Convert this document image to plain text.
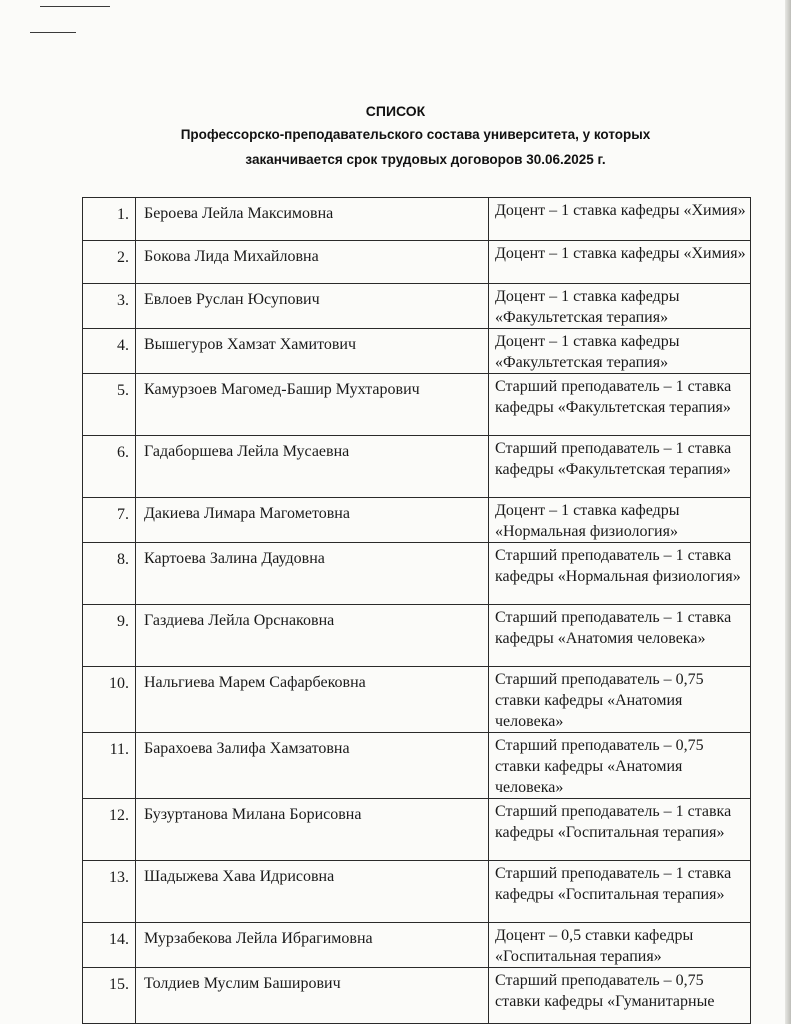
СПИСОК
Профессорско-преподавательского состава университета, у которых
заканчивается срок трудовых договоров 30.06.2025 г.
1.	Бероева Лейла Максимовна	Доцент – 1 ставка кафедры «Химия»
2.	Бокова Лида Михайловна	Доцент – 1 ставка кафедры «Химия»
3.	Евлоев Руслан Юсупович	Доцент – 1 ставка кафедры «Факультетская терапия»
4.	Вышегуров Хамзат Хамитович	Доцент – 1 ставка кафедры «Факультетская терапия»
5.	Камурзоев Магомед-Башир Мухтарович	Старший преподаватель – 1 ставка кафедры «Факультетская терапия»
6.	Гадаборшева Лейла Мусаевна	Старший преподаватель – 1 ставка кафедры «Факультетская терапия»
7.	Дакиева Лимара Магометовна	Доцент – 1 ставка кафедры «Нормальная физиология»
8.	Картоева Залина Даудовна	Старший преподаватель – 1 ставка кафедры «Нормальная физиология»
9.	Газдиева Лейла Орснаковна	Старший преподаватель – 1 ставка кафедры «Анатомия человека»
10.	Нальгиева Марем Сафарбековна	Старший преподаватель – 0,75 ставки кафедры «Анатомия человека»
11.	Барахоева Залифа Хамзатовна	Старший преподаватель – 0,75 ставки кафедры «Анатомия человека»
12.	Бузуртанова Милана Борисовна	Старший преподаватель – 1 ставка кафедры «Госпитальная терапия»
13.	Шадыжева Хава Идрисовна	Старший преподаватель – 1 ставка кафедры «Госпитальная терапия»
14.	Мурзабекова Лейла Ибрагимовна	Доцент – 0,5 ставки кафедры «Госпитальная терапия»
15.	Толдиев Муслим Баширович	Старший преподаватель – 0,75 ставки кафедры «Гуманитарные
